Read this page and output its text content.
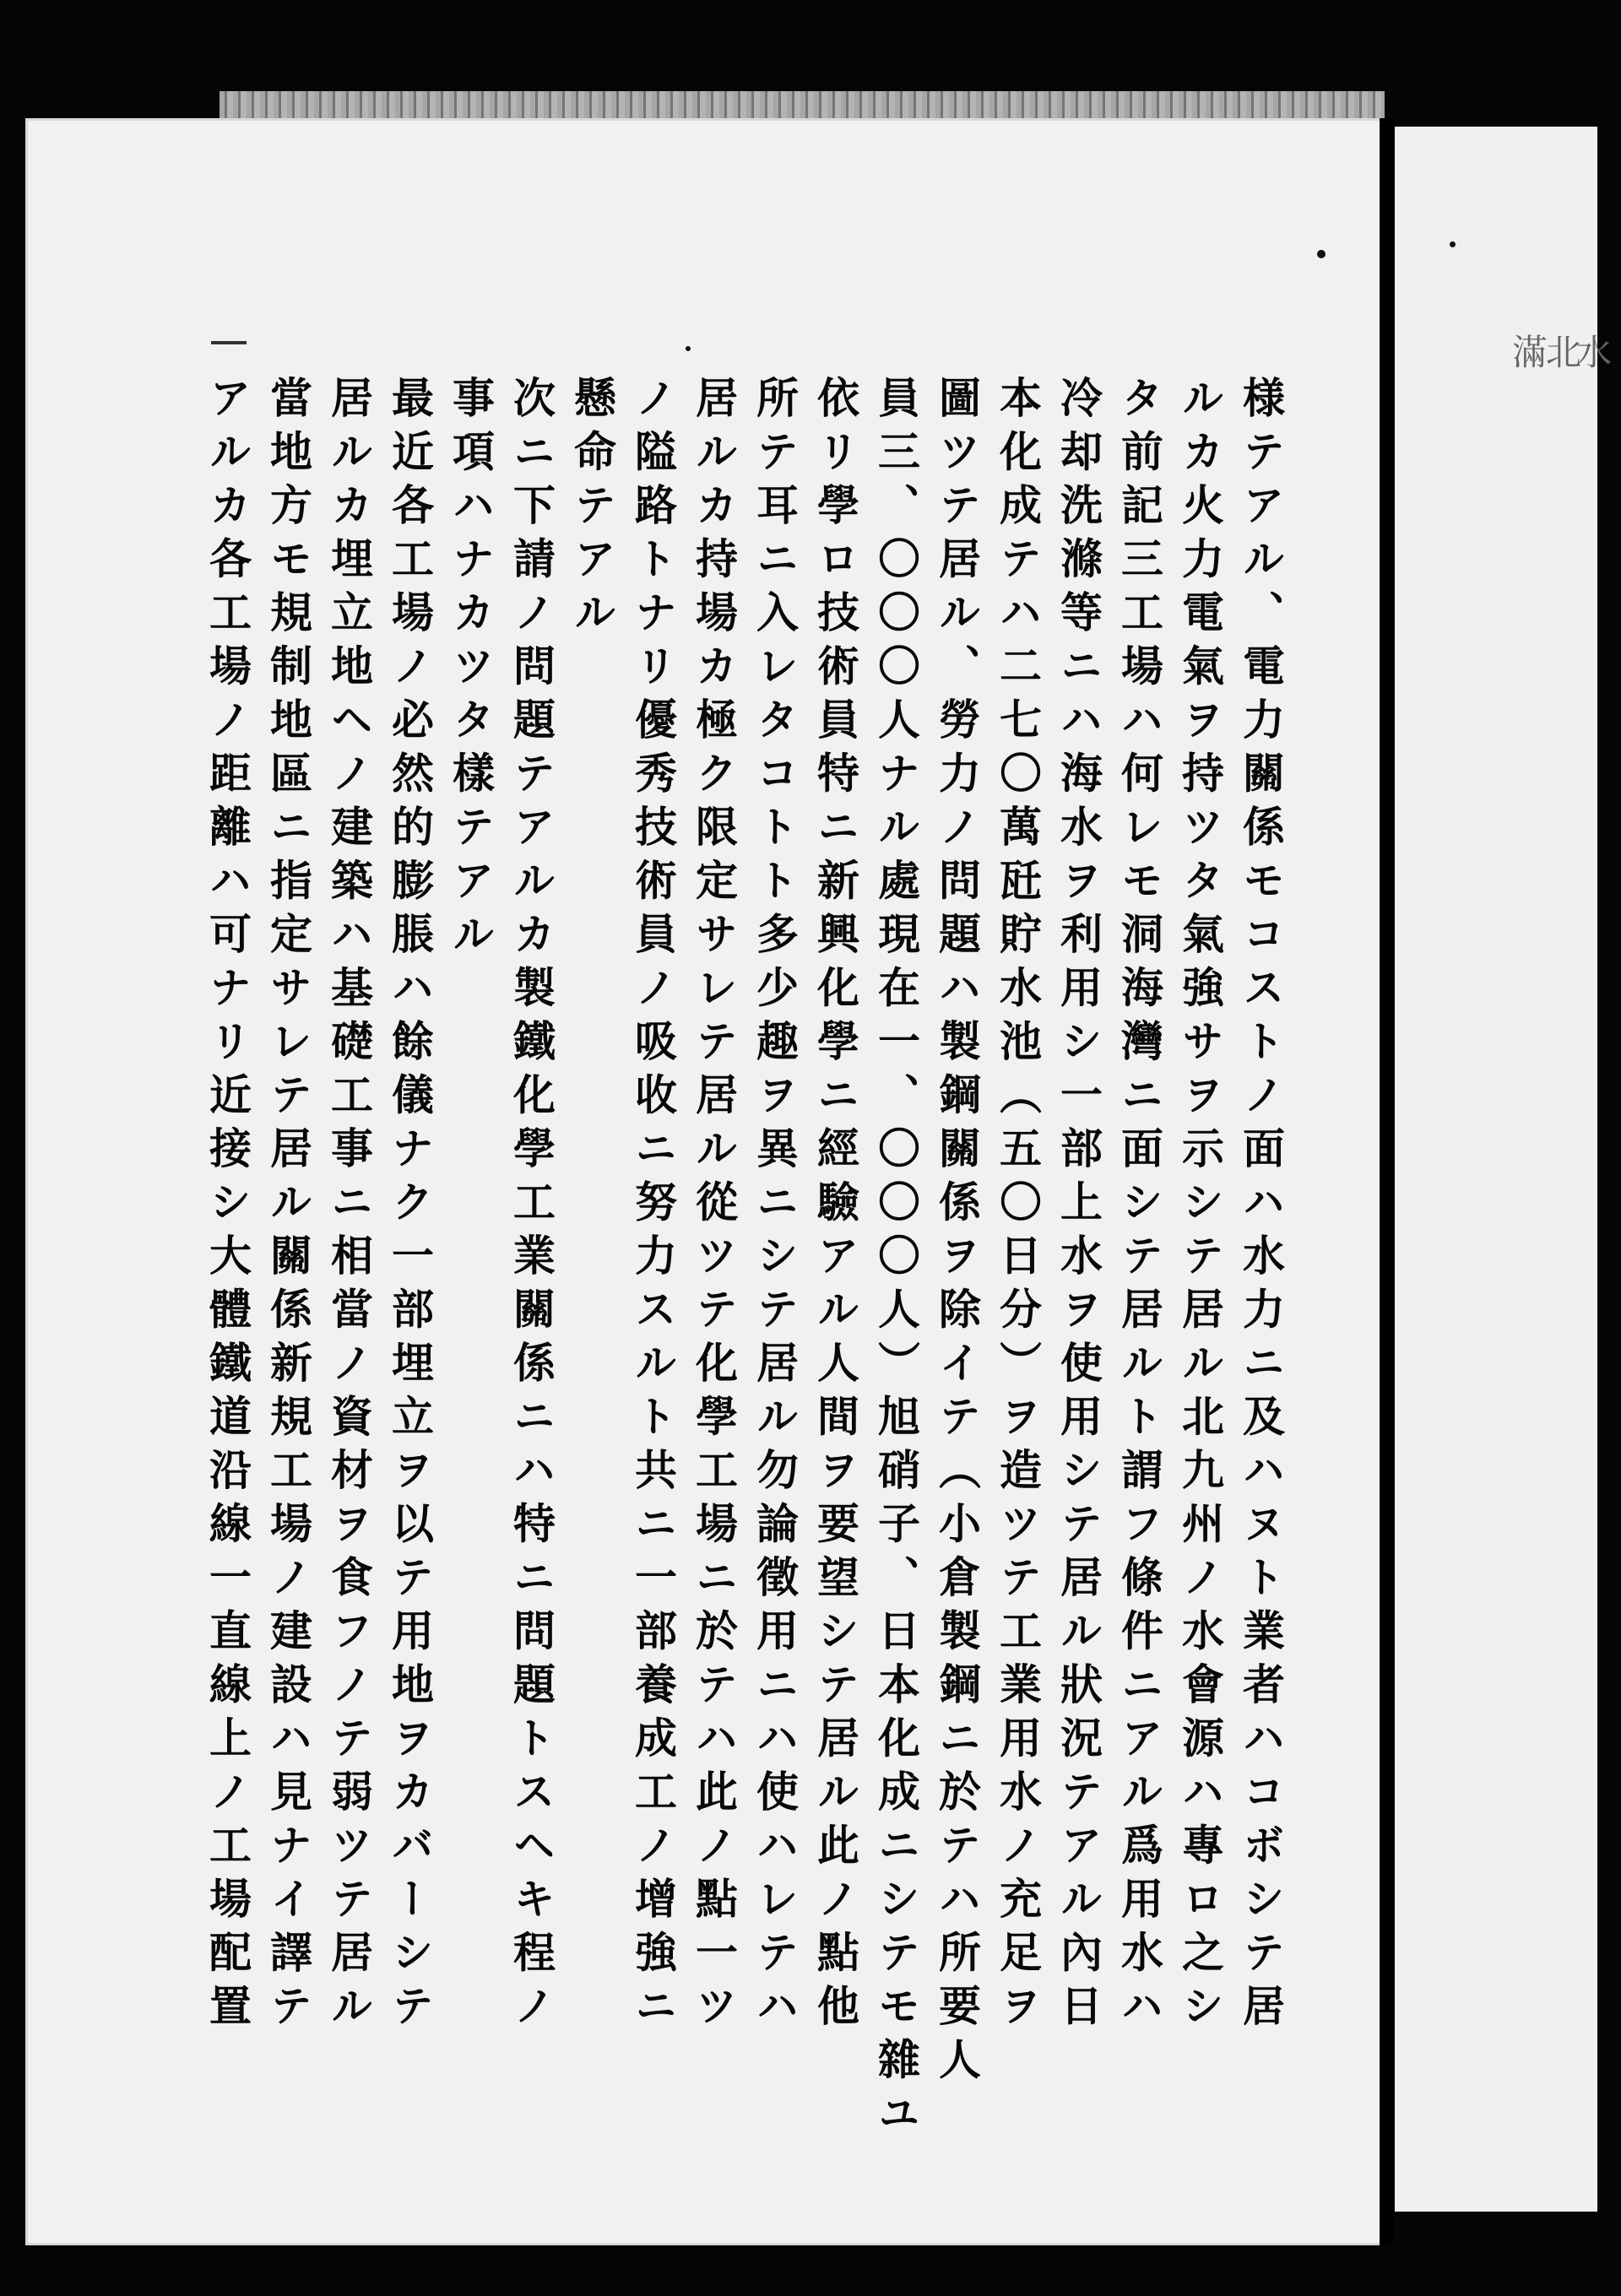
滿
北
水
様テアル、電力關係モコストノ面ハ水力ニ及ハヌト業者ハコボシテ居
ルカ火力電氣ヲ持ツタ氣強サヲ示シテ居ル北九州ノ水會源ハ專ロ之シ
タ前記三工場ハ何レモ洞海灣ニ面シテ居ルト謂フ條件ニアル爲用水ハ
冷却洗滌等ニハ海水ヲ利用シ一部上水ヲ使用シテ居ル狀況テアル內日
本化成テハ二七〇萬瓩貯水池（五〇日分）ヲ造ツテ工業用水ノ充足ヲ
圖ツテ居ル、勞力ノ問題ハ製鋼關係ヲ除イテ（小倉製鋼ニ於テハ所要人
員三、〇〇〇人ナル處現在一、〇〇〇人）旭硝子、日本化成ニシテモ雜ユ
依リ學ロ技術員特ニ新興化學ニ經驗アル人間ヲ要望シテ居ル此ノ點他
所テ耳ニ入レタコトト多少趣ヲ異ニシテ居ル勿論徵用ニハ使ハレテハ
居ルカ持場カ極ク限定サレテ居ル從ツテ化學工場ニ於テハ此ノ點一ツ
ノ隘路トナリ優秀技術員ノ吸收ニ努力スルト共ニ一部養成工ノ增強ニ
懸命テアル
次ニ下請ノ問題テアルカ製鐵化學工業關係ニハ特ニ問題トスヘキ程ノ
事項ハナカツタ樣テアル
最近各工場ノ必然的膨脹ハ餘儀ナク一部埋立ヲ以テ用地ヲカバーシテ
居ルカ埋立地ヘノ建築ハ基礎工事ニ相當ノ資材ヲ食フノテ弱ツテ居ル
當地方モ規制地區ニ指定サレテ居ル關係新規工場ノ建設ハ見ナイ譯テ
アルカ各工場ノ距離ハ可ナリ近接シ大體鐵道沿線一直線上ノ工場配置
